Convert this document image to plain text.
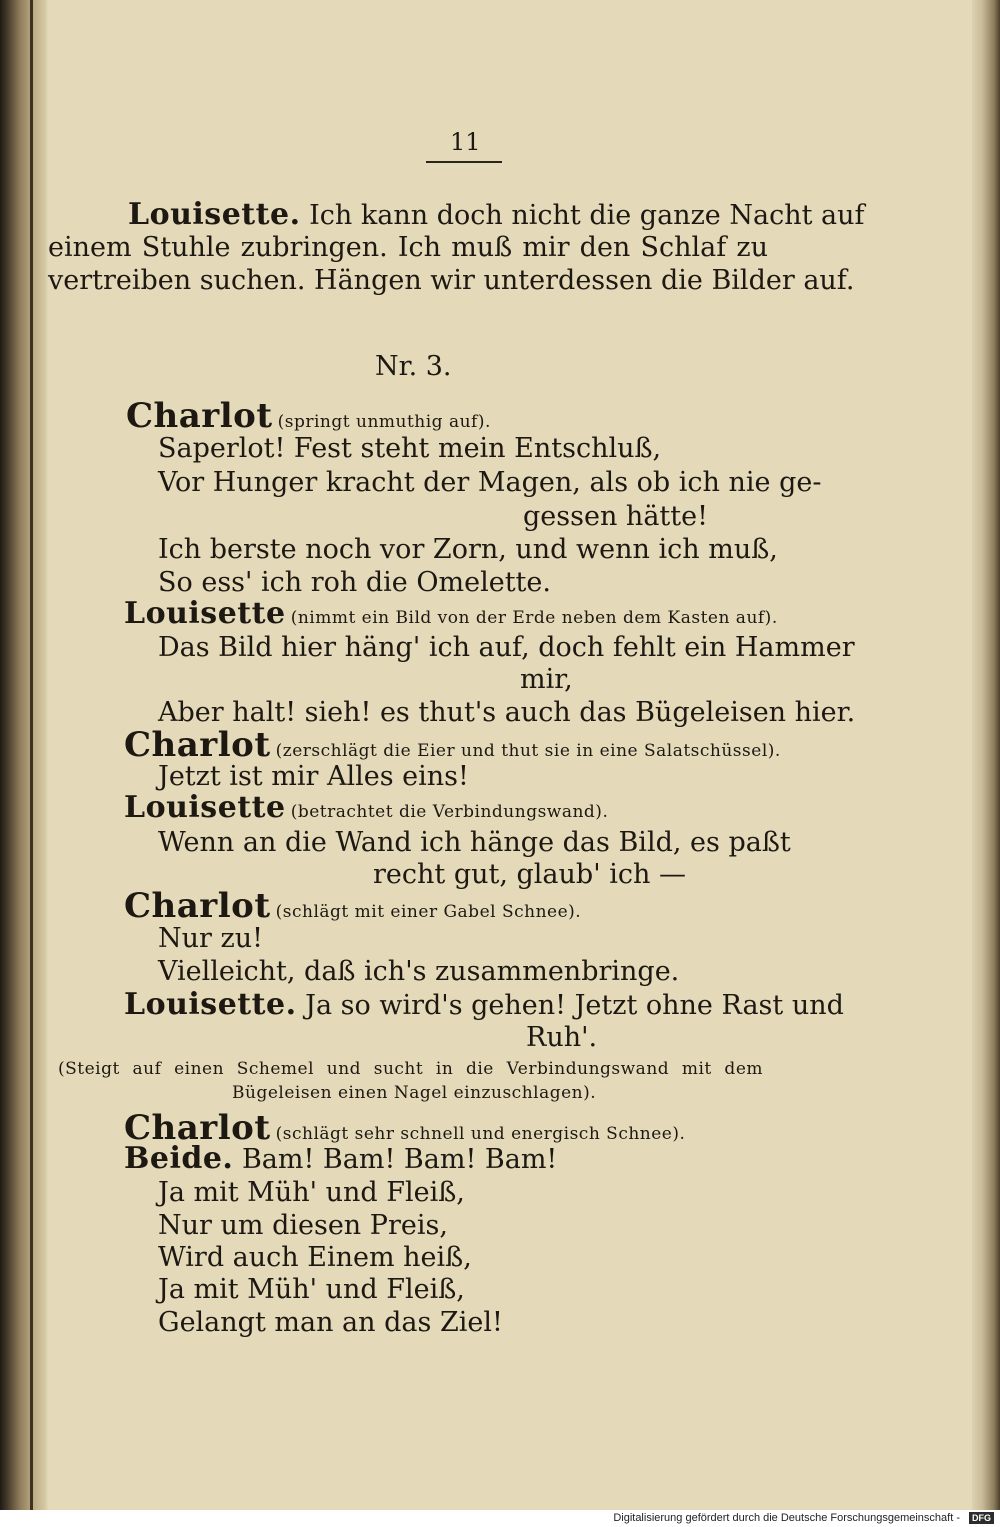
11
Louisette. Ich kann doch nicht die ganze Nacht auf
einem Stuhle zubringen. Ich muß mir den Schlaf zu
vertreiben suchen. Hängen wir unterdessen die Bilder auf.
Nr. 3.
Charlot (springt unmuthig auf).
Saperlot! Fest steht mein Entschluß,
Vor Hunger kracht der Magen, als ob ich nie ge-
gessen hätte!
Ich berste noch vor Zorn, und wenn ich muß,
So ess' ich roh die Omelette.
Louisette (nimmt ein Bild von der Erde neben dem Kasten auf).
Das Bild hier häng' ich auf, doch fehlt ein Hammer
mir,
Aber halt! sieh! es thut's auch das Bügeleisen hier.
Charlot (zerschlägt die Eier und thut sie in eine Salatschüssel).
Jetzt ist mir Alles eins!
Louisette (betrachtet die Verbindungswand).
Wenn an die Wand ich hänge das Bild, es paßt
recht gut, glaub' ich —
Charlot (schlägt mit einer Gabel Schnee).
Nur zu!
Vielleicht, daß ich's zusammenbringe.
Louisette. Ja so wird's gehen! Jetzt ohne Rast und
Ruh'.
(Steigt auf einen Schemel und sucht in die Verbindungswand mit dem
Bügeleisen einen Nagel einzuschlagen).
Charlot (schlägt sehr schnell und energisch Schnee).
Beide. Bam! Bam! Bam! Bam!
Ja mit Müh' und Fleiß,
Nur um diesen Preis,
Wird auch Einem heiß,
Ja mit Müh' und Fleiß,
Gelangt man an das Ziel!
Digitalisierung gefördert durch die Deutsche Forschungsgemeinschaft -	DFG
